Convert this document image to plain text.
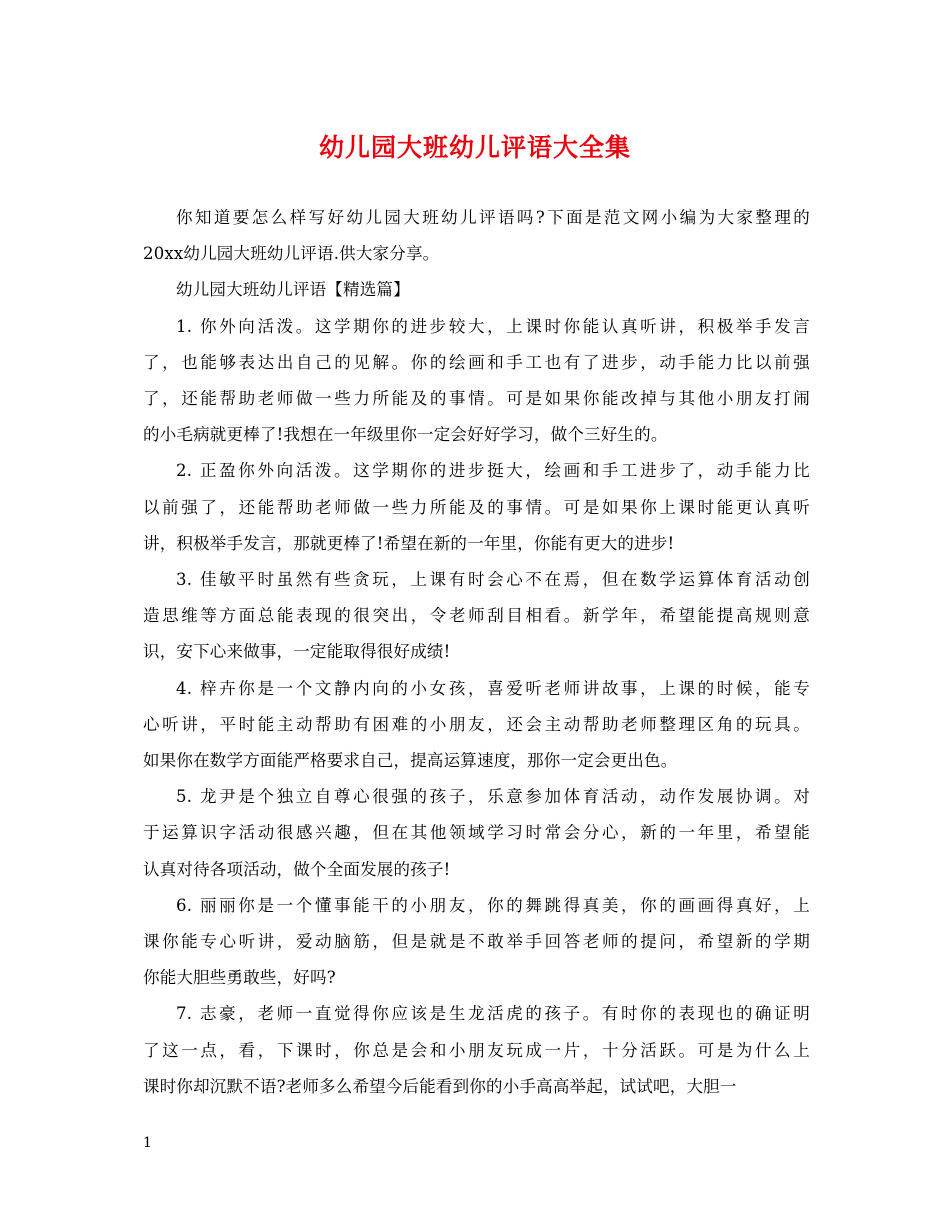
幼儿园大班幼儿评语大全集

你知道要怎么样写好幼儿园大班幼儿评语吗?下面是范文网小编为大家整理的
20xx幼儿园大班幼儿评语.供大家分享。

幼儿园大班幼儿评语【精选篇】

1. 你外向活泼。这学期你的进步较大，上课时你能认真听讲，积极举手发言
了，也能够表达出自己的见解。你的绘画和手工也有了进步，动手能力比以前强
了，还能帮助老师做一些力所能及的事情。可是如果你能改掉与其他小朋友打闹
的小毛病就更棒了!我想在一年级里你一定会好好学习，做个三好生的。

2. 正盈你外向活泼。这学期你的进步挺大，绘画和手工进步了，动手能力比
以前强了，还能帮助老师做一些力所能及的事情。可是如果你上课时能更认真听
讲，积极举手发言，那就更棒了!希望在新的一年里，你能有更大的进步!

3. 佳敏平时虽然有些贪玩，上课有时会心不在焉，但在数学运算体育活动创
造思维等方面总能表现的很突出，令老师刮目相看。新学年，希望能提高规则意
识，安下心来做事，一定能取得很好成绩!

4. 梓卉你是一个文静内向的小女孩，喜爱听老师讲故事，上课的时候，能专
心听讲，平时能主动帮助有困难的小朋友，还会主动帮助老师整理区角的玩具。
如果你在数学方面能严格要求自己，提高运算速度，那你一定会更出色。

5. 龙尹是个独立自尊心很强的孩子，乐意参加体育活动，动作发展协调。对
于运算识字活动很感兴趣，但在其他领域学习时常会分心，新的一年里，希望能
认真对待各项活动，做个全面发展的孩子!

6. 丽丽你是一个懂事能干的小朋友，你的舞跳得真美，你的画画得真好，上
课你能专心听讲，爱动脑筋，但是就是不敢举手回答老师的提问，希望新的学期
你能大胆些勇敢些，好吗?

7. 志豪，老师一直觉得你应该是生龙活虎的孩子。有时你的表现也的确证明
了这一点，看，下课时，你总是会和小朋友玩成一片，十分活跃。可是为什么上
课时你却沉默不语?老师多么希望今后能看到你的小手高高举起，试试吧，大胆一

1
